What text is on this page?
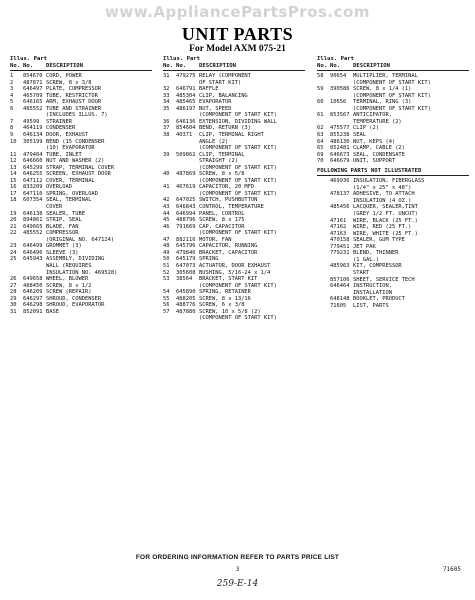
www.AppliancePartsPros.com
UNIT PARTS
For Model AXM 075-21
Illus. Part
No. No.	DESCRIPTION
1	854670 CORD, POWER
2	487871 SCREW, 8 x 3/8
3	646497 PLATE, COMPRESSOR
4	465709 TUBE, RESTRICTOR
5	646165 ARM, EXHAUST DOOR
6	485552 TUBE AND STRAINER
(INCLUDES ILLUS. 7)
7	49599	STRAINER
8	464119 CONDENSER
9	646134 DOOR, EXHAUST
10	305199 BEND (15 CONDENSER
(10) EVAPORATOR
11	479404 TUBE, INLET
12	646660 NUT AND WASHER (2)
13	645299 STRAP, TERMINAL COVER
14	646255 SCREEN, EXHAUST DOOR
15	647112 COVER, TERMINAL
16	833209 OVERLOAD
17	647110 SPRING, OVERLOAD
18	607354 SEAL, TERMINAL
COVER
19	646138 SEALER, TUBE
20	894861 STRIP, SEAL
21	649665 BLADE, FAN
22	485552 COMPRESSOR
(ORIGINAL NO. 647124)
23	646499 GROMMET (3)
24	646496 SLEEVE (3)
25	645943 ASSEMBLY, DIVIDING
WALL (REQUIRES
INSULATION NO. 469528)
26	649658 WHEEL, BLOWER
27	488450 SCREW, 8 x 1/2
28	646209 SCREW (REPAIR)
29	646297 SHROUD, CONDENSER
30	646298 SHROUD, EVAPORATOR
31	852091 BASE
Illus. Part
No. No.	DESCRIPTION
31	479275 RELAY (COMPONENT
OF START KIT)
32	646791 BAFFLE
33	485304 CLIP, BALANCING
34	485465 EVAPORATOR
35	486197 NUT, SPEED
(COMPONENT OF START KIT)
36	646136 EXTENSION, DIVIDING WALL
37	854604 BEND, RETURN (3)
38	40371	CLIP, TERMINAL RIGHT
ANGLE (2)
(COMPONENT OF START KIT)
39	509862 CLIP, TERMINAL
STRAIGHT (2)
(COMPONENT OF START KIT)
40	487869 SCREW, 8 x 5/8
(COMPONENT OF START KIT)
41	467619 CAPACITOR, 20 MFD
(COMPONENT OF START KIT)
42	647025 SWITCH, PUSHBUTTON
43	646843 CONTROL, TEMPERATURE
44	646994 PANEL, CONTROL
45	488796 SCREW, 8 x 175
46	791669 CAP, CAPACITOR
(COMPONENT OF START KIT)
47	882116 MOTOR, FAN
48	645796 CAPACITOR, RUNNING
49	479846 BRACKET, CAPACITOR
50	645179 SPRING
51	647073 ACTUATOR, DOOR EXHAUST
52	305608 BUSHING, 5/16-24 x 1/4
53	38564	BRACKET, START KIT
(COMPONENT OF START KIT)
54	645890 SPRING, RETAINER
55	488205 SCREW, 8 x 13/16
56	488776 SCREW, 6 x 3/8
57	487880 SCREW, 10 x 5/8 (2)
(COMPONENT OF START KIT)
Illus. Part
No. No.	DESCRIPTION
58	90654	MULTIPLIER, TERMINAL
(COMPONENT OF START KIT)
59	390586 SCREW, 8 x 1/4 (1)
(COMPONENT OF START KIT)
60	10656	TERMINAL, RING (3)
(COMPONENT OF START KIT)
61	853567 ANTICIPATOR,
TEMPERATURE (2)
62	475577 CLIP (2)
63	855238 SEAL
64	486130 NUT, KEPS (4)
65	852481 CLAMP, CABLE (2)
69	646673 SEAL, CONDENSATE
70	646679 UNIT, SUPPORT
FOLLOWING PARTS NOT ILLUSTRATED
469936 INSULATION, FIBERGLASS
(1/4" x 25" x 48")
478137 ADHESIVE, TO ATTACH
INSULATION (4 OZ.)
485456 LACQUER, SEALER,TINT
(GREY 1/2 FT. UNCUT)
47161	WIRE, BLACK (25 FT.)
47162	WIRE, RED (25 FT.)
47163	WIRE, WHITE (25 FT.)
470158 SEALER, GUM TYPE
779451 JET PAK
779231 BLEND, THINNER
(1 GAL.)
485963 KIT, COMPRESSOR
START
857106 SHEET, SERVICE TECH
646464 INSTRUCTION,
INSTALLATION
648148 BOOKLET, PRODUCT
71605	LIST, PARTS
FOR ORDERING INFORMATION REFER TO PARTS PRICE LIST
3	71605
259-E-14
